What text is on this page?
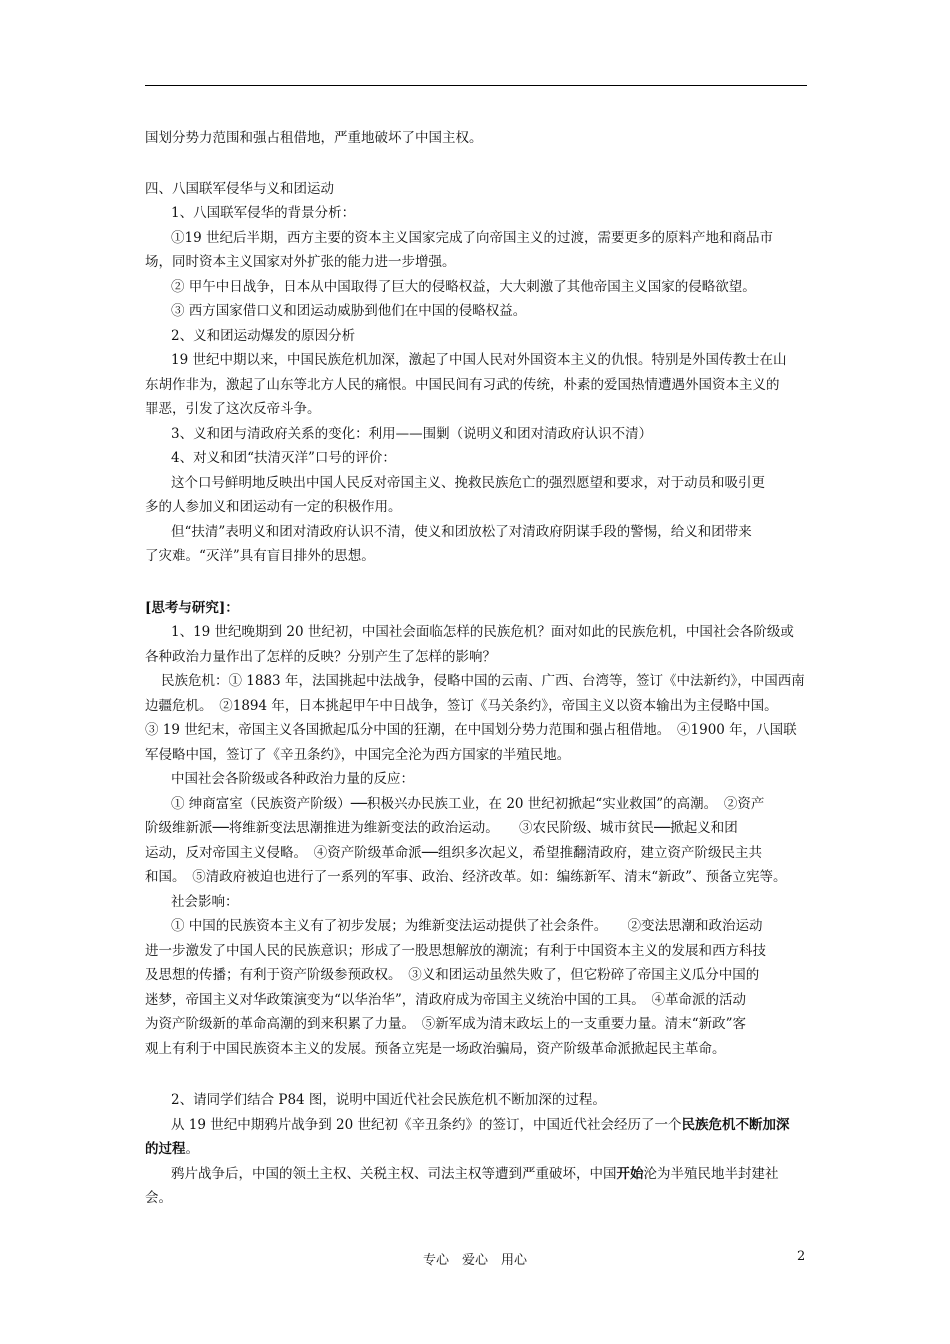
国划分势力范围和强占租借地，严重地破坏了中国主权。

四、八国联军侵华与义和团运动

1、八国联军侵华的背景分析：

①19 世纪后半期，西方主要的资本主义国家完成了向帝国主义的过渡，需要更多的原料产地和商品市

场，同时资本主义国家对外扩张的能力进一步增强。

② 甲午中日战争，日本从中国取得了巨大的侵略权益，大大刺激了其他帝国主义国家的侵略欲望。

③ 西方国家借口义和团运动威胁到他们在中国的侵略权益。

2、义和团运动爆发的原因分析

19 世纪中期以来，中国民族危机加深，激起了中国人民对外国资本主义的仇恨。特别是外国传教士在山

东胡作非为，激起了山东等北方人民的痛恨。中国民间有习武的传统，朴素的爱国热情遭遇外国资本主义的

罪恶，引发了这次反帝斗争。

3、义和团与清政府关系的变化：利用——围剿（说明义和团对清政府认识不清）

4、对义和团“扶清灭洋”口号的评价：

这个口号鲜明地反映出中国人民反对帝国主义、挽救民族危亡的强烈愿望和要求，对于动员和吸引更

多的人参加义和团运动有一定的积极作用。

但“扶清”表明义和团对清政府认识不清，使义和团放松了对清政府阴谋手段的警惕，给义和团带来

了灾难。“灭洋”具有盲目排外的思想。

[思考与研究]：

1、19 世纪晚期到 20 世纪初，中国社会面临怎样的民族危机？面对如此的民族危机，中国社会各阶级或

各种政治力量作出了怎样的反映？分别产生了怎样的影响？

民族危机：① 1883 年，法国挑起中法战争，侵略中国的云南、广西、台湾等，签订《中法新约》，中国西南

边疆危机。　②1894 年，日本挑起甲午中日战争，签订《马关条约》，帝国主义以资本输出为主侵略中国。

③ 19 世纪末，帝国主义各国掀起瓜分中国的狂潮，在中国划分势力范围和强占租借地。　④1900 年，八国联

军侵略中国，签订了《辛丑条约》，中国完全沦为西方国家的半殖民地。

中国社会各阶级或各种政治力量的反应：

① 绅商富室（民族资产阶级）──积极兴办民族工业，在 20 世纪初掀起“实业救国”的高潮。　②资产

阶级维新派──将维新变法思潮推进为维新变法的政治运动。　　③农民阶级、城市贫民──掀起义和团

运动，反对帝国主义侵略。　④资产阶级革命派──组织多次起义，希望推翻清政府，建立资产阶级民主共

和国。　⑤清政府被迫也进行了一系列的军事、政治、经济改革。如：编练新军、清末“新政”、预备立宪等。

社会影响：

① 中国的民族资本主义有了初步发展；为维新变法运动提供了社会条件。　　②变法思潮和政治运动

进一步激发了中国人民的民族意识；形成了一股思想解放的潮流；有利于中国资本主义的发展和西方科技

及思想的传播；有利于资产阶级参预政权。　③义和团运动虽然失败了，但它粉碎了帝国主义瓜分中国的

迷梦，帝国主义对华政策演变为“以华治华”，清政府成为帝国主义统治中国的工具。　④革命派的活动

为资产阶级新的革命高潮的到来积累了力量。　⑤新军成为清末政坛上的一支重要力量。清末“新政”客

观上有利于中国民族资本主义的发展。预备立宪是一场政治骗局，资产阶级革命派掀起民主革命。

2、请同学们结合 P84 图，说明中国近代社会民族危机不断加深的过程。

从 19 世纪中期鸦片战争到 20 世纪初《辛丑条约》的签订，中国近代社会经历了一个民族危机不断加深

的过程。

鸦片战争后，中国的领土主权、关税主权、司法主权等遭到严重破坏，中国开始沦为半殖民地半封建社

会。

专心　爱心　用心	2
